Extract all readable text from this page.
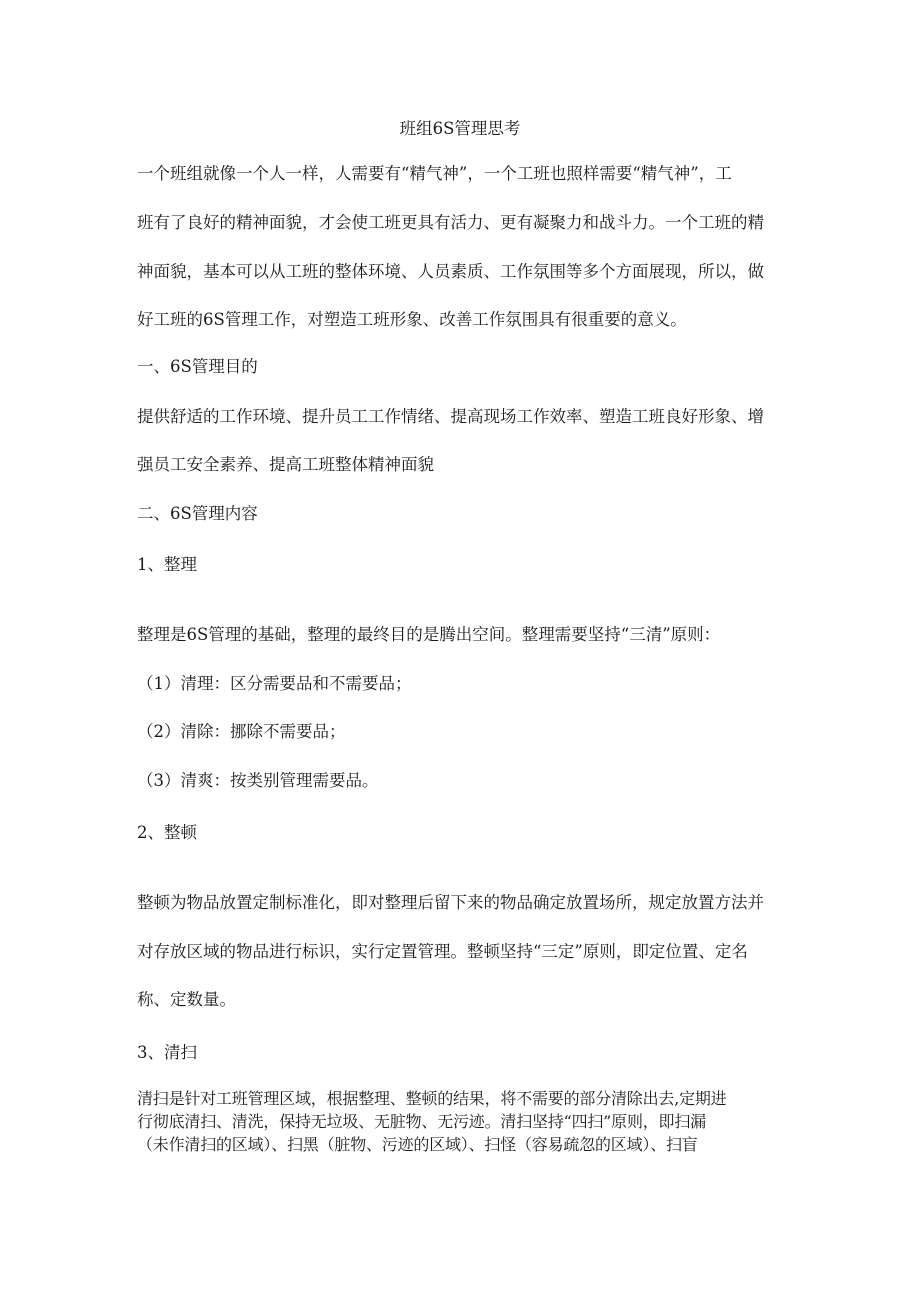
班组6S管理思考
一个班组就像一个人一样，人需要有“精气神”，一个工班也照样需要“精气神”，工
班有了良好的精神面貌，才会使工班更具有活力、更有凝聚力和战斗力。一个工班的精
神面貌，基本可以从工班的整体环境、人员素质、工作氛围等多个方面展现，所以，做
好工班的6S管理工作，对塑造工班形象、改善工作氛围具有很重要的意义。
一、6S管理目的
提供舒适的工作环境、提升员工工作情绪、提高现场工作效率、塑造工班良好形象、增
强员工安全素养、提高工班整体精神面貌
二、6S管理内容
1、整理
整理是6S管理的基础，整理的最终目的是腾出空间。整理需要坚持“三清”原则：
（1）清理：区分需要品和不需要品；
（2）清除：挪除不需要品；
（3）清爽：按类别管理需要品。
2、整顿
整顿为物品放置定制标准化，即对整理后留下来的物品确定放置场所，规定放置方法并
对存放区域的物品进行标识，实行定置管理。整顿坚持“三定”原则，即定位置、定名
称、定数量。
3、清扫
清扫是针对工班管理区域，根据整理、整顿的结果，将不需要的部分清除出去,定期进
行彻底清扫、清洗，保持无垃圾、无脏物、无污迹。清扫坚持“四扫”原则，即扫漏
（未作清扫的区域）、扫黑（脏物、污迹的区域）、扫怪（容易疏忽的区域）、扫盲
